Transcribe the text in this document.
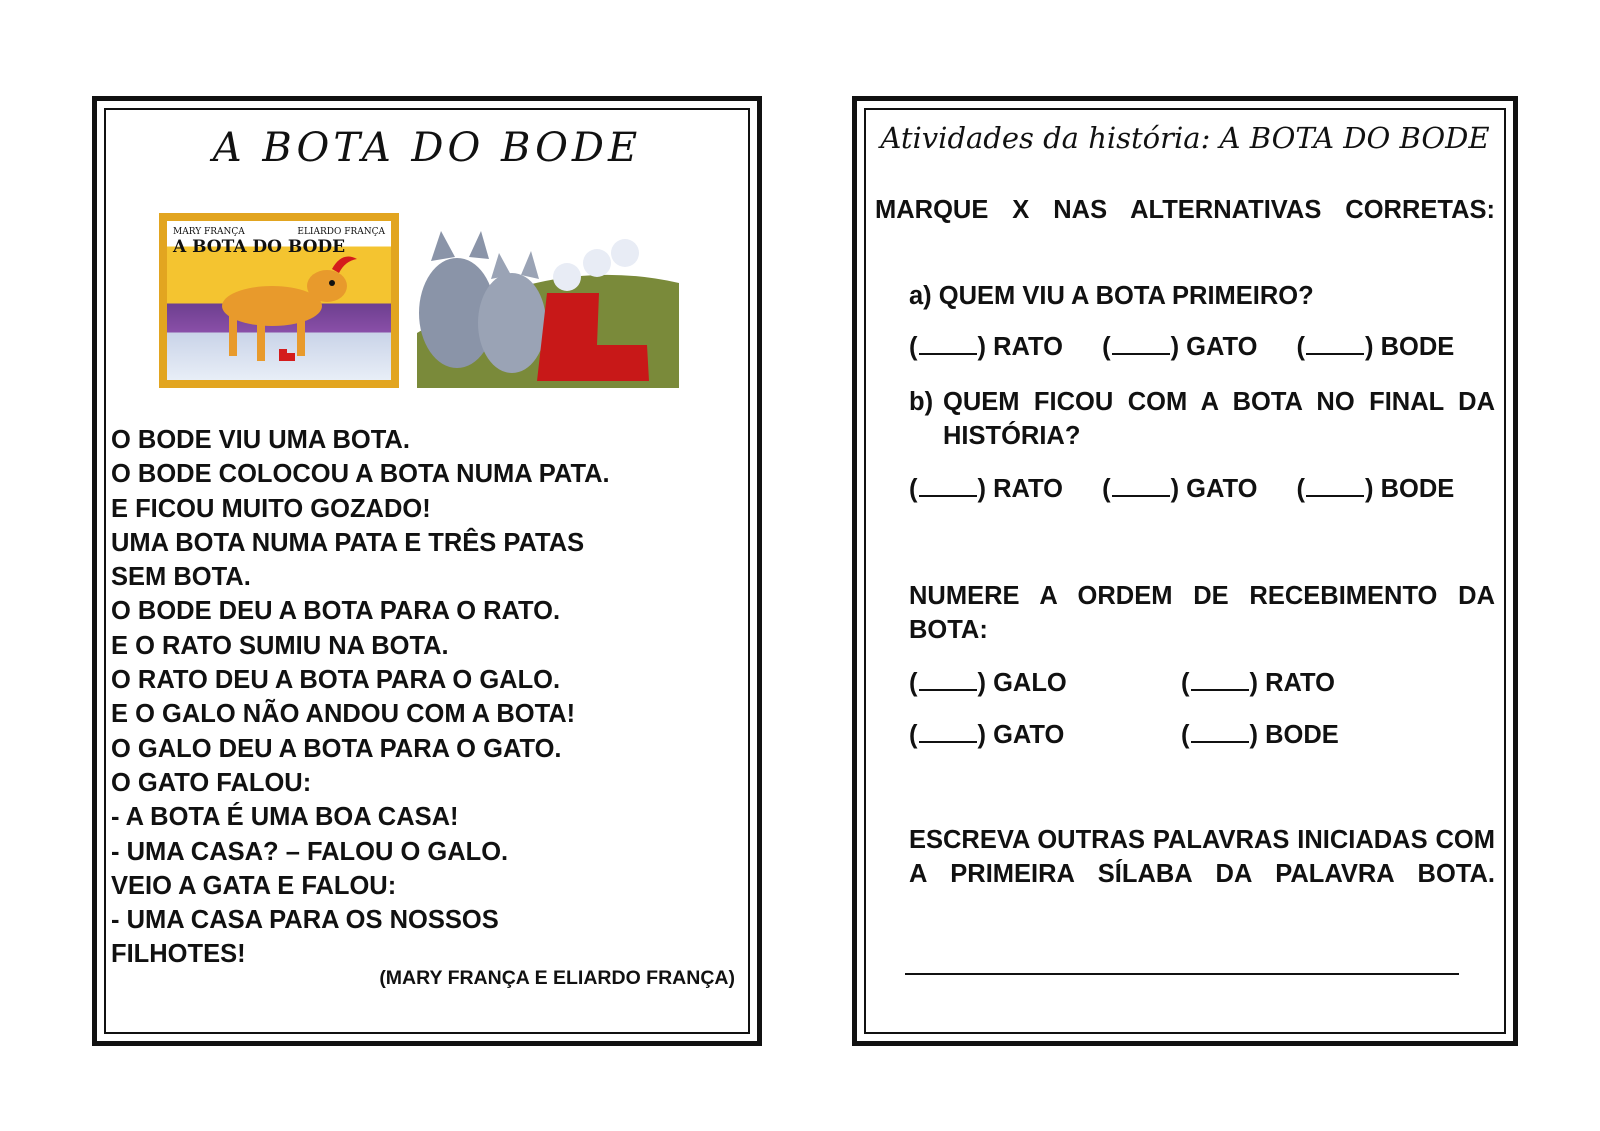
A BOTA DO BODE
MARY FRANÇA	ELIARDO FRANÇA
A BOTA DO BODE
O BODE VIU UMA BOTA.
O BODE COLOCOU A BOTA NUMA PATA.
E FICOU MUITO GOZADO!
UMA BOTA NUMA PATA E TRÊS PATAS
SEM BOTA.
O BODE DEU A BOTA PARA O RATO.
E O RATO SUMIU NA BOTA.
O RATO DEU A BOTA PARA O GALO.
E O GALO NÃO ANDOU COM A BOTA!
O GALO DEU A BOTA PARA O GATO.
O GATO FALOU:
- A BOTA É UMA BOA CASA!
- UMA CASA? – FALOU O GALO.
VEIO A GATA E FALOU:
- UMA CASA PARA OS NOSSOS
FILHOTES!
(MARY FRANÇA E ELIARDO FRANÇA)
Atividades da história: A BOTA DO BODE
MARQUE X NAS ALTERNATIVAS CORRETAS:
a) QUEM VIU A BOTA PRIMEIRO?
( ) RATO ( ) GATO ( ) BODE
b) QUEM FICOU COM A BOTA NO FINAL DA HISTÓRIA?
( ) RATO ( ) GATO ( ) BODE
NUMERE A ORDEM DE RECEBIMENTO DA BOTA:
( ) GALO	( ) RATO
( ) GATO	( ) BODE
ESCREVA OUTRAS PALAVRAS INICIADAS COM A PRIMEIRA SÍLABA DA PALAVRA BOTA.
